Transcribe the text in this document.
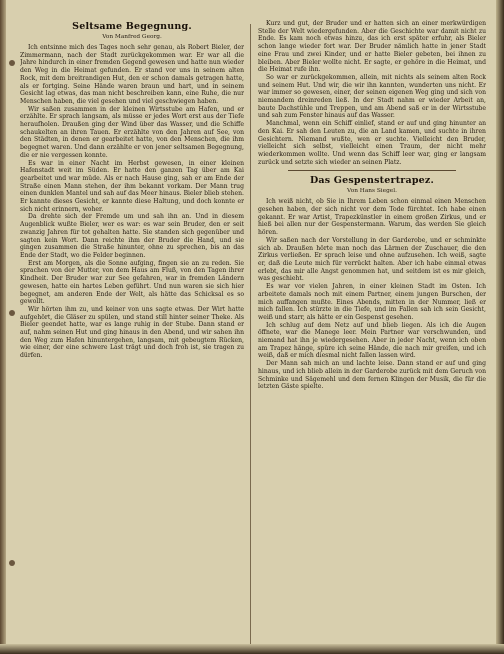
Seltsame Begegnung.
Von Manfred Georg.

Ich entsinne mich des Tages noch sehr genau, als Robert Bieler, der Zimmermann, nach der Stadt zurückgekommen war. Er war all die Jahre hindurch in einer fremden Gegend gewesen und hatte nun wieder den Weg in die Heimat gefunden. Er stand vor uns in seinem alten Rock, mit dem breitrandigen Hut, den er schon damals getragen hatte, als er fortging. Seine Hände waren braun und hart, und in seinem Gesicht lag etwas, das man nicht beschreiben kann, eine Ruhe, die nur Menschen haben, die viel gesehen und viel geschwiegen haben.

Wir saßen zusammen in der kleinen Wirtsstube am Hafen, und er erzählte. Er sprach langsam, als müsse er jedes Wort erst aus der Tiefe heraufholen. Draußen ging der Wind über das Wasser, und die Schiffe schaukelten an ihren Tauen. Er erzählte von den Jahren auf See, von den Städten, in denen er gearbeitet hatte, von den Menschen, die ihm begegnet waren. Und dann erzählte er von jener seltsamen Begegnung, die er nie vergessen konnte.

Es war in einer Nacht im Herbst gewesen, in einer kleinen Hafenstadt weit im Süden. Er hatte den ganzen Tag über am Kai gearbeitet und war müde. Als er nach Hause ging, sah er am Ende der Straße einen Mann stehen, der ihm bekannt vorkam. Der Mann trug einen dunklen Mantel und sah auf das Meer hinaus. Bieler blieb stehen. Er kannte dieses Gesicht, er kannte diese Haltung, und doch konnte er sich nicht erinnern, woher.

Da drehte sich der Fremde um und sah ihn an. Und in diesem Augenblick wußte Bieler, wer es war: es war sein Bruder, den er seit zwanzig Jahren für tot gehalten hatte. Sie standen sich gegenüber und sagten kein Wort. Dann reichte ihm der Bruder die Hand, und sie gingen zusammen die Straße hinunter, ohne zu sprechen, bis an das Ende der Stadt, wo die Felder beginnen.

Erst am Morgen, als die Sonne aufging, fingen sie an zu reden. Sie sprachen von der Mutter, von dem Haus am Fluß, von den Tagen ihrer Kindheit. Der Bruder war zur See gefahren, war in fremden Ländern gewesen, hatte ein hartes Leben geführt. Und nun waren sie sich hier begegnet, am anderen Ende der Welt, als hätte das Schicksal es so gewollt.

Wir hörten ihm zu, und keiner von uns sagte etwas. Der Wirt hatte aufgehört, die Gläser zu spülen, und stand still hinter seiner Theke. Als Bieler geendet hatte, war es lange ruhig in der Stube. Dann stand er auf, nahm seinen Hut und ging hinaus in den Abend, und wir sahen ihn den Weg zum Hafen hinuntergehen, langsam, mit gebeugtem Rücken, wie einer, der eine schwere Last trägt und doch froh ist, sie tragen zu dürfen.

Kurz und gut, der Bruder und er hatten sich an einer merkwürdigen Stelle der Welt wiedergefunden. Aber die Geschichte war damit nicht zu Ende. Es kam noch etwas hinzu, das ich erst später erfuhr, als Bieler schon lange wieder fort war. Der Bruder nämlich hatte in jener Stadt eine Frau und zwei Kinder, und er hatte Bieler gebeten, bei ihnen zu bleiben. Aber Bieler wollte nicht. Er sagte, er gehöre in die Heimat, und die Heimat rufe ihn.

So war er zurückgekommen, allein, mit nichts als seinem alten Rock und seinem Hut. Und wir, die wir ihn kannten, wunderten uns nicht. Er war immer so gewesen, einer, der seinen eigenen Weg ging und sich von niemandem dreinreden ließ. In der Stadt nahm er wieder Arbeit an, baute Dachstühle und Treppen, und am Abend saß er in der Wirtsstube und sah zum Fenster hinaus auf das Wasser.

Manchmal, wenn ein Schiff einlief, stand er auf und ging hinunter an den Kai. Er sah den Leuten zu, die an Land kamen, und suchte in ihren Gesichtern. Niemand wußte, wen er suchte. Vielleicht den Bruder, vielleicht sich selbst, vielleicht einen Traum, der nicht mehr wiederkommen wollte. Und wenn das Schiff leer war, ging er langsam zurück und setzte sich wieder an seinen Platz.

Das Gespenstertrapez.
Von Hans Siegel.

Ich weiß nicht, ob Sie in Ihrem Leben schon einmal einen Menschen gesehen haben, der sich nicht vor dem Tode fürchtet. Ich habe einen gekannt. Er war Artist, Trapezkünstler in einem großen Zirkus, und er hieß bei allen nur der Gespenstermann. Warum, das werden Sie gleich hören.

Wir saßen nach der Vorstellung in der Garderobe, und er schminkte sich ab. Draußen hörte man noch das Lärmen der Zuschauer, die den Zirkus verließen. Er sprach leise und ohne aufzusehen. Ich weiß, sagte er, daß die Leute mich für verrückt halten. Aber ich habe einmal etwas erlebt, das mir alle Angst genommen hat, und seitdem ist es mir gleich, was geschieht.

Es war vor vielen Jahren, in einer kleinen Stadt im Osten. Ich arbeitete damals noch mit einem Partner, einem jungen Burschen, der mich auffangen mußte. Eines Abends, mitten in der Nummer, ließ er mich fallen. Ich stürzte in die Tiefe, und im Fallen sah ich sein Gesicht, weiß und starr, als hätte er ein Gespenst gesehen.

Ich schlug auf dem Netz auf und blieb liegen. Als ich die Augen öffnete, war die Manege leer. Mein Partner war verschwunden, und niemand hat ihn je wiedergesehen. Aber in jeder Nacht, wenn ich oben am Trapez hänge, spüre ich seine Hände, die nach mir greifen, und ich weiß, daß er mich diesmal nicht fallen lassen wird.

Der Mann sah mich an und lachte leise. Dann stand er auf und ging hinaus, und ich blieb allein in der Garderobe zurück mit dem Geruch von Schminke und Sägemehl und dem fernen Klingen der Musik, die für die letzten Gäste spielte.
